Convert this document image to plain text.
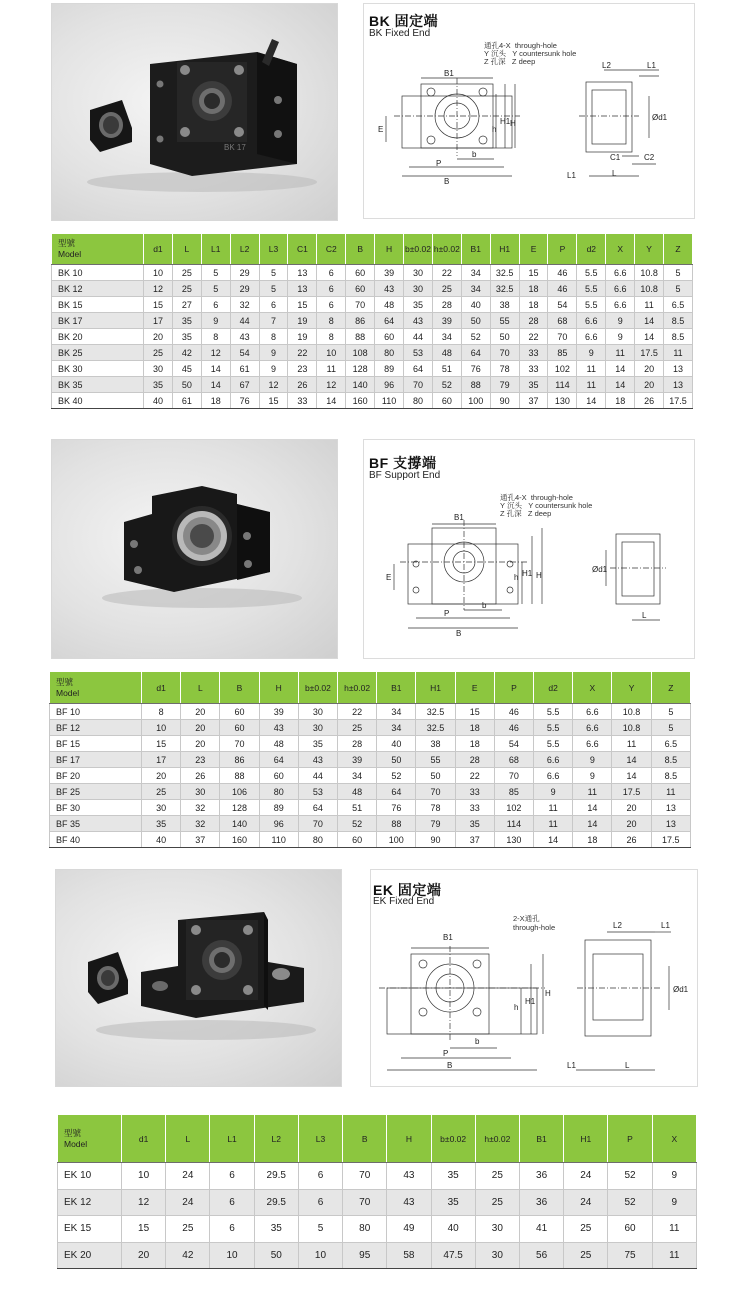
BK 17
BK 固定端
BK Fixed End
通孔4-X  through-hole
Y 沉头   Y countersunk hole
Z 孔深   Z deep
B1
E	h
H1 H
b
P
B
L2	L1
Ød1
C1	C2
L1	L
型號
Model	d1	L	L1	L2	L3	C1	C2	B	H	b±0.02	h±0.02	B1	H1	E	P	d2	X	Y	Z
BK 10	10	25	5	29	5	13	6	60	39	30	22	34	32.5	15	46	5.5	6.6	10.8	5
BK 12	12	25	5	29	5	13	6	60	43	30	25	34	32.5	18	46	5.5	6.6	10.8	5
BK 15	15	27	6	32	6	15	6	70	48	35	28	40	38	18	54	5.5	6.6	11	6.5
BK 17	17	35	9	44	7	19	8	86	64	43	39	50	55	28	68	6.6	9	14	8.5
BK 20	20	35	8	43	8	19	8	88	60	44	34	52	50	22	70	6.6	9	14	8.5
BK 25	25	42	12	54	9	22	10	108	80	53	48	64	70	33	85	9	11	17.5	11
BK 30	30	45	14	61	9	23	11	128	89	64	51	76	78	33	102	11	14	20	13
BK 35	35	50	14	67	12	26	12	140	96	70	52	88	79	35	114	11	14	20	13
BK 40	40	61	18	76	15	33	14	160	110	80	60	100	90	37	130	14	18	26	17.5
BF 支撐端
BF Support End
通孔4-X  through-hole
Y 沉头   Y countersunk hole
Z 孔深   Z deep
B1
E	h H1 H
b
P
B
Ød1
L
型號
Model	d1	L	B	H	b±0.02	h±0.02	B1	H1	E	P	d2	X	Y	Z
BF 10	8	20	60	39	30	22	34	32.5	15	46	5.5	6.6	10.8	5
BF 12	10	20	60	43	30	25	34	32.5	18	46	5.5	6.6	10.8	5
BF 15	15	20	70	48	35	28	40	38	18	54	5.5	6.6	11	6.5
BF 17	17	23	86	64	43	39	50	55	28	68	6.6	9	14	8.5
BF 20	20	26	88	60	44	34	52	50	22	70	6.6	9	14	8.5
BF 25	25	30	106	80	53	48	64	70	33	85	9	11	17.5	11
BF 30	30	32	128	89	64	51	76	78	33	102	11	14	20	13
BF 35	35	32	140	96	70	52	88	79	35	114	11	14	20	13
BF 40	40	37	160	110	80	60	100	90	37	130	14	18	26	17.5
EK 固定端
EK Fixed End
2-X通孔
through-hole
B1
h
H1
H
b
P
B
L2	L1
Ød1
L1	L
型號
Model	d1	L	L1	L2	L3	B	H	b±0.02	h±0.02	B1	H1	P	X
EK 10	10	24	6	29.5	6	70	43	35	25	36	24	52	9
EK 12	12	24	6	29.5	6	70	43	35	25	36	24	52	9
EK 15	15	25	6	35	5	80	49	40	30	41	25	60	11
EK 20	20	42	10	50	10	95	58	47.5	30	56	25	75	11
